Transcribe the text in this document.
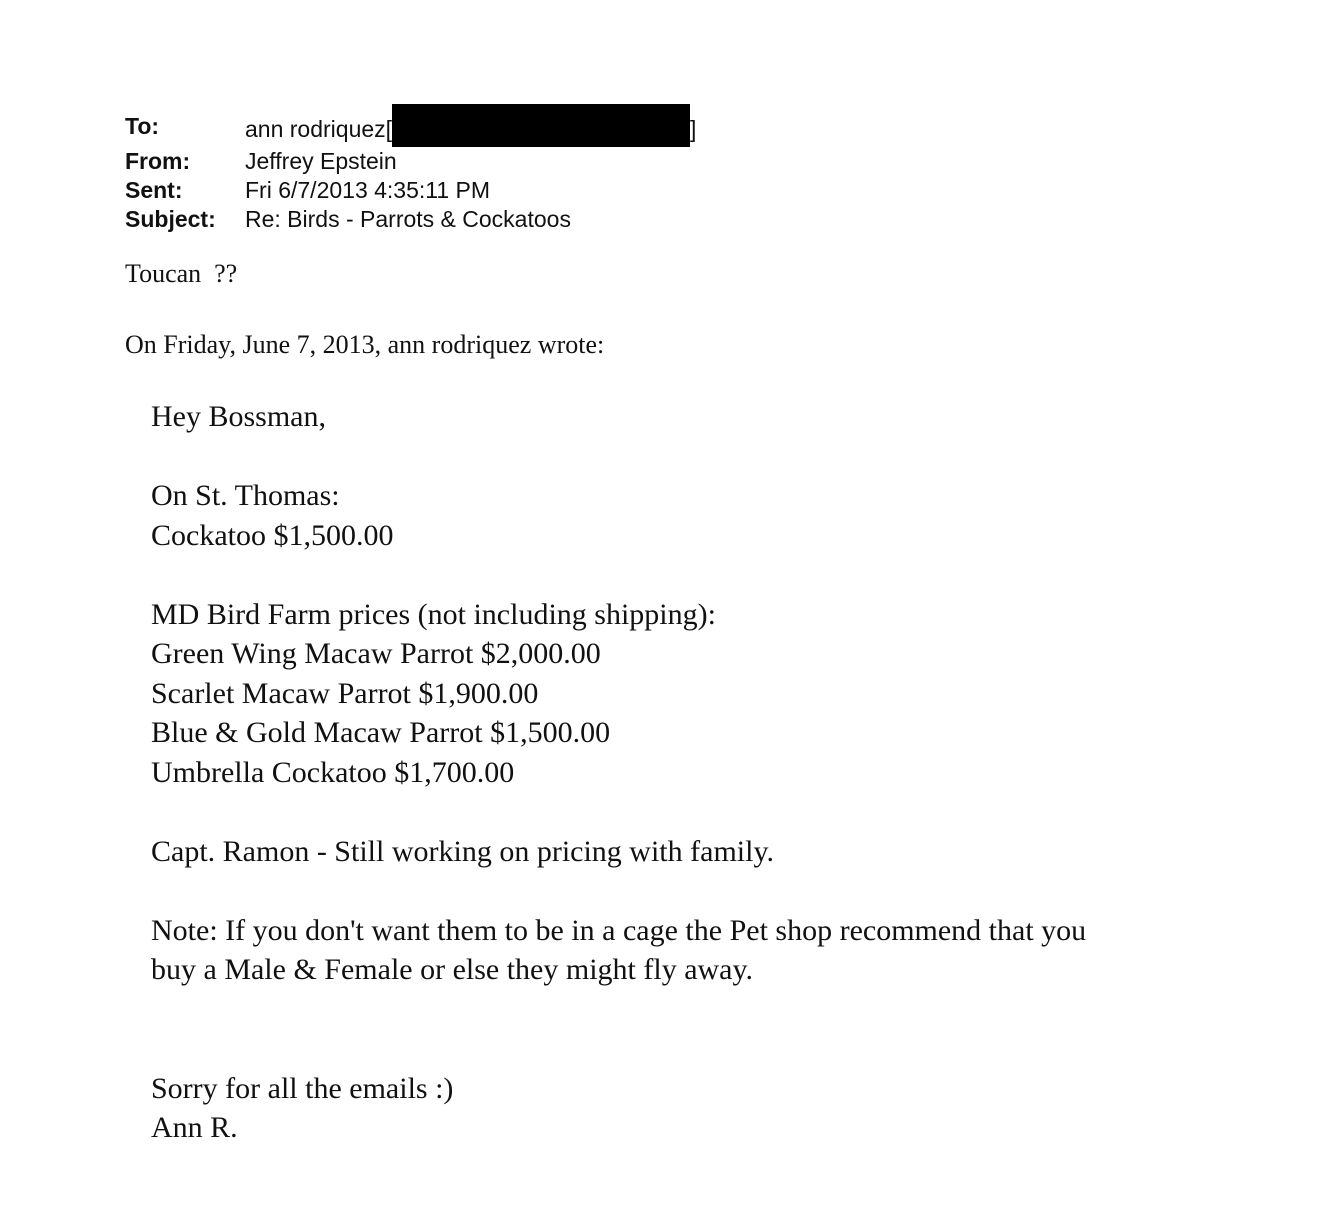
To:	ann rodriquez[	]
From:	Jeffrey Epstein
Sent:	Fri 6/7/2013 4:35:11 PM
Subject:	Re: Birds - Parrots & Cockatoos
Toucan  ??
On Friday, June 7, 2013, ann rodriquez wrote:
Hey Bossman,
On St. Thomas:
Cockatoo $1,500.00
MD Bird Farm prices (not including shipping):
Green Wing Macaw Parrot $2,000.00
Scarlet Macaw Parrot $1,900.00
Blue & Gold Macaw Parrot $1,500.00
Umbrella Cockatoo $1,700.00
Capt. Ramon - Still working on pricing with family.
Note: If you don't want them to be in a cage the Pet shop recommend that you
buy a Male & Female or else they might fly away.
Sorry for all the emails :)
Ann R.
